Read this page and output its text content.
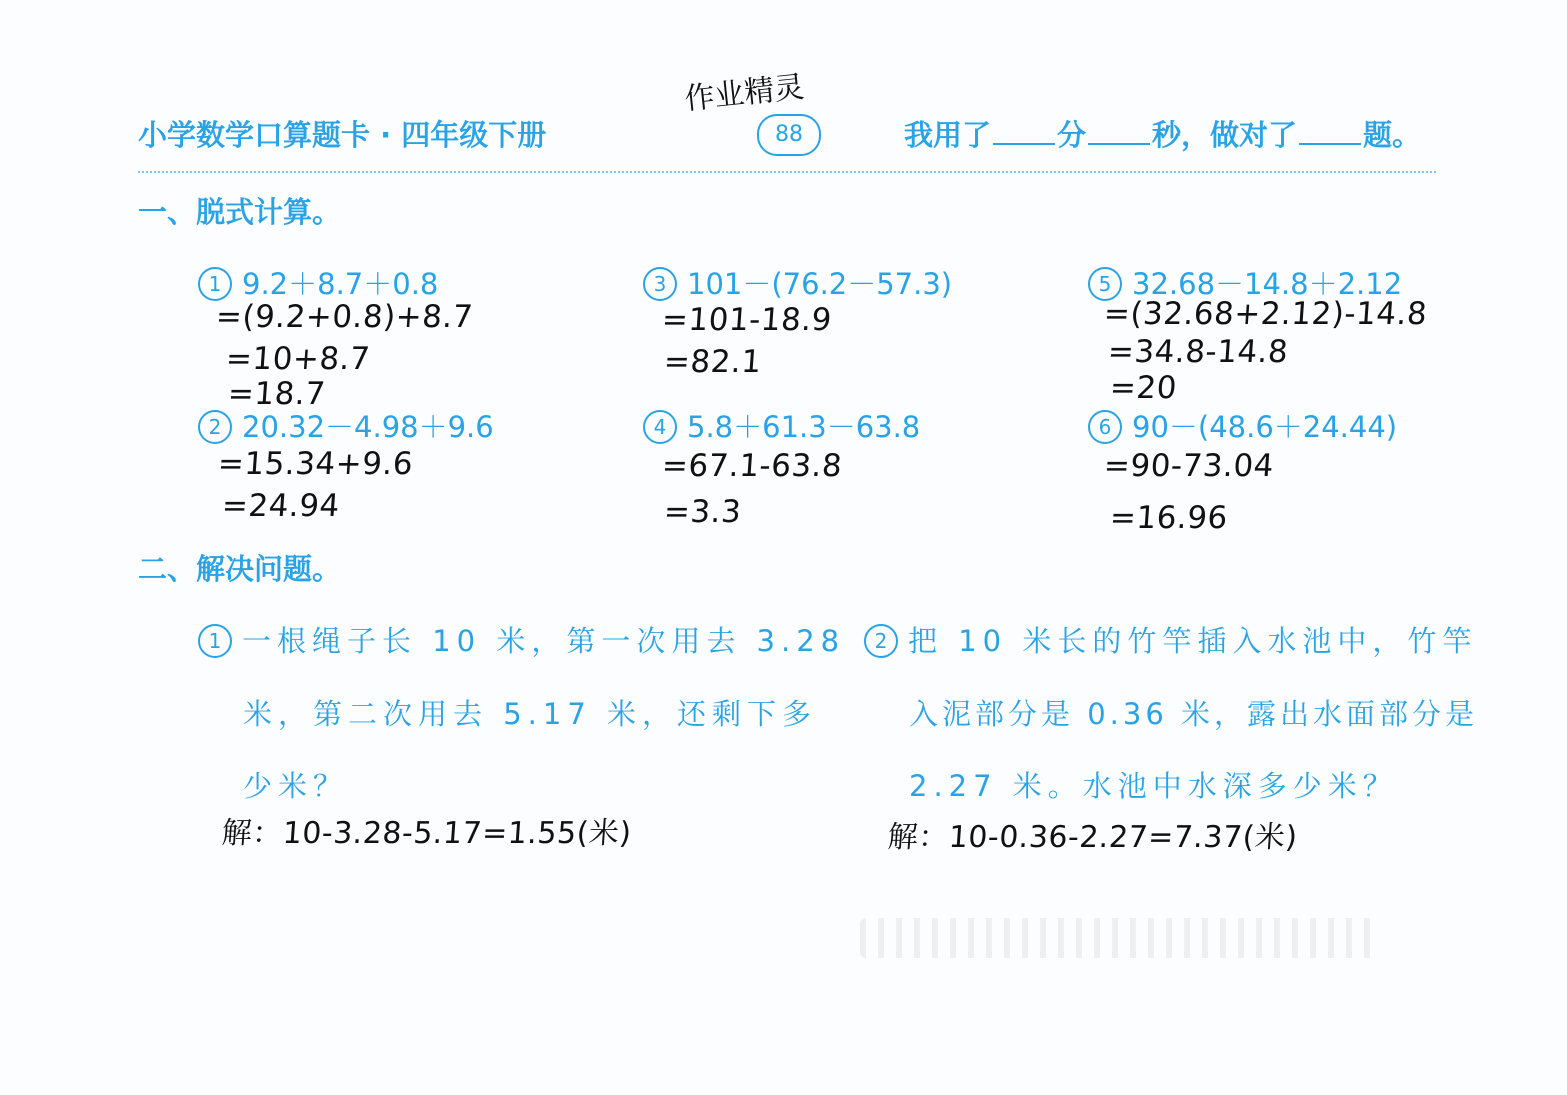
作业精灵
小学数学口算题卡 · 四年级下册	88	我用了 分 秒，做对了 题。
一、脱式计算。
1 9.2＋8.7＋0.8
=(9.2+0.8)+8.7
=10+8.7
=18.7
2 20.32－4.98＋9.6
=15.34+9.6
=24.94
3 101－(76.2－57.3)
=101-18.9
=82.1
4 5.8＋61.3－63.8
=67.1-63.8
=3.3
5 32.68－14.8＋2.12
=(32.68+2.12)-14.8
=34.8-14.8
=20
6 90－(48.6＋24.44)
=90-73.04
=16.96
二、解决问题。
1 一根绳子长 10 米，第一次用去 3.28
米，第二次用去 5.17 米，还剩下多
少米？
解：10-3.28-5.17=1.55(米)
2 把 10 米长的竹竿插入水池中，竹竿
入泥部分是 0.36 米，露出水面部分是
2.27 米。水池中水深多少米？
解：10-0.36-2.27=7.37(米)
